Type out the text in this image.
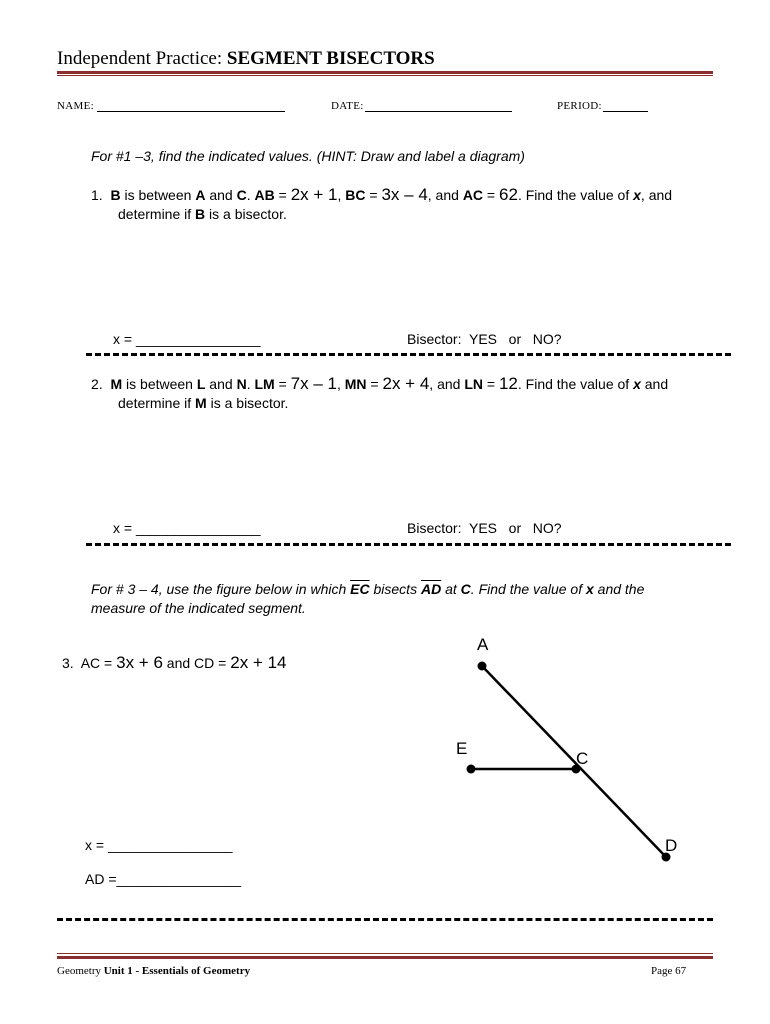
Independent Practice: SEGMENT BISECTORS
NAME:	DATE:	PERIOD:
For #1 –3, find the indicated values. (HINT: Draw and label a diagram)
1. B is between A and C. AB = 2x + 1, BC = 3x – 4, and AC = 62. Find the value of x, and
determine if B is a bisector.
x = ________________	Bisector:  YES   or   NO?
2. M is between L and N. LM = 7x – 1, MN = 2x + 4, and LN = 12. Find the value of x and
determine if M is a bisector.
x = ________________	Bisector:  YES   or   NO?
For # 3 – 4, use the figure below in which $\overline{EC}$ bisects $\overline{AD}$ at C. Find the value of x and the
measure of the indicated segment.
3. AC = 3x + 6 and CD = 2x + 14
x = ________________
AD =________________
A
E
C
D
Geometry Unit 1 - Essentials of Geometry	Page 67
